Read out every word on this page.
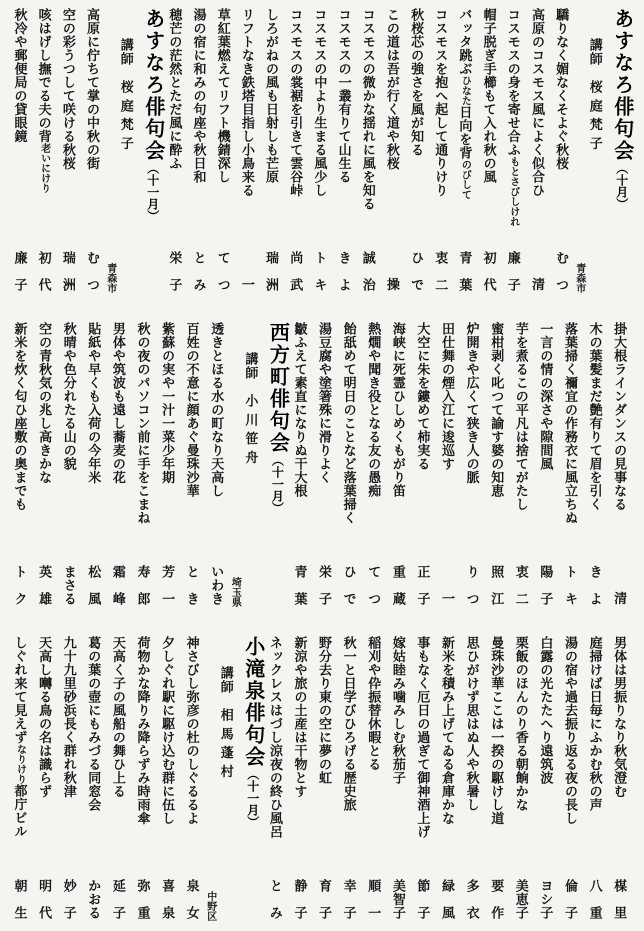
あすなろ俳句会（十月）
講師　桜庭梵子
青森市
驕りなく媚なくそよぐ秋桜
む　つ
高原のコスモス風によく似合ひ
　清
コスモスの身を寄せ合ふもとさびしけれ
廉　子
帽子脱ぎ手櫛もて入れ秋の風
初　代
バッタ跳ぶひなた日向を背のびして
青　葉
コスモスを抱へ起して通りけり
衷　二
秋桜芯の強さを風が知る
ひ　で
この道は吾が行く道や秋桜
　操
コスモスの微かな揺れに風を知る
誠　治
コスモスの一叢有りて山生る
き　よ
コスモスの中より生まる風少し
ト　キ
コスモスの裳裾を引きて雲谷峠
尚　武
しろがねの風も日射しも芒原
瑞　洲
リフトなき鉄塔目指し小鳥来る
　一
草紅葉燃えてリフト機錆深し
て　つ
湯の宿に和みの句座や秋日和
と　み
穂芒の茫然とただ風に酔ふ
栄　子
あすなろ俳句会（十一月）
講師　桜庭梵子
青森市
高原に佇ちて掌の中秋の街
む　つ
空の彩うつして咲ける秋桜
瑞　洲
咳はげし撫でる夫の背老いにけり
初　代
秋冷や郵便局の貸眼鏡
廉　子
掛大根ラインダンスの見事なる
　清
木の葉髪まだ艶有りて眉を引く
き　よ
落葉掃く禰宜の作務衣に風立ちぬ
ト　キ
一言の情の深さや隙間風
陽　子
芋を煮るこの平凡は捨てがたし
衷　二
蜜柑剥く叱つて諭す婆の知恵
照　江
炉開きや広くて狭き人の脈
り　つ
田仕舞の煙入江に逡巡す
　一
大空に朱を鏤めて柿実る
正　子
海峡に死霊ひしめくもがり笛
重　蔵
熱燗や聞き役となる友の愚痴
て　つ
飴舐めて明日のことなど落葉掃く
ひ　で
湯豆腐や塗箸殊に滑りよく
栄　子
皺ふえて素直になりぬ干大根
青　葉
西方町俳句会（十一月）
講師　小川笹舟
埼玉県
透きとほる水の町なり天高し
いわき
百姓の不意に顔あぐ曼珠沙華
と　き
紫蘇の実や一汁一菜少年期
芳　一
秋の夜のパソコン前に手をこまね
寿　郎
男体や筑波も遠し蕎麦の花
霜　峰
貼紙や早くも入荷の今年米
松　風
秋晴や色分れたる山の貌
まさる
空の青秋気の兆し高きかな
英　雄
新米を炊く匂ひ座敷の奥までも
ト　ク
男体は男振りなり秋気澄む
楳　里
庭掃けば日毎にふかむ秋の声
八　重
湯の宿や過去振り返る夜の長し
倫　子
白露の光たたへり遠筑波
ヨシ子
栗飯のほんのり香る朝餉かな
美恵子
曼珠沙華ここは一揆の駆けし道
要　作
思ひがけず思はぬ人や秋暑し
多　衣
新米を積み上げてゐる倉庫かな
緑　風
事もなく厄日の過ぎて御神酒上げ
節　子
嫁姑睦み噛みしむ秋茄子
美智子
稲刈や伜振替休暇とる
順　一
秋一と日学びひろげる歴史旅
幸　子
野分去り東の空に夢の虹
育　子
新涼や旅の土産は干物とす
静　子
ネックレスはづし涼夜の終ひ風呂
と　み
小滝泉俳句会（十一月）
講師　相馬蓬村
中野区
神さびし弥彦の杜のしぐるるよ
泉　女
夕しぐれ駅に駆け込む群に伍し
喜　泉
荷物かな降りみ降らずみ時雨傘
弥　重
天高く子の風船の舞ひ上る
延　子
葛の葉の壺にもみづる同窓会
かおる
九十九里砂浜長く群れ秋津
妙　子
天高し囀る鳥の名は識らず
明　代
しぐれ来て見えずなりけり都庁ビル
朝　生
